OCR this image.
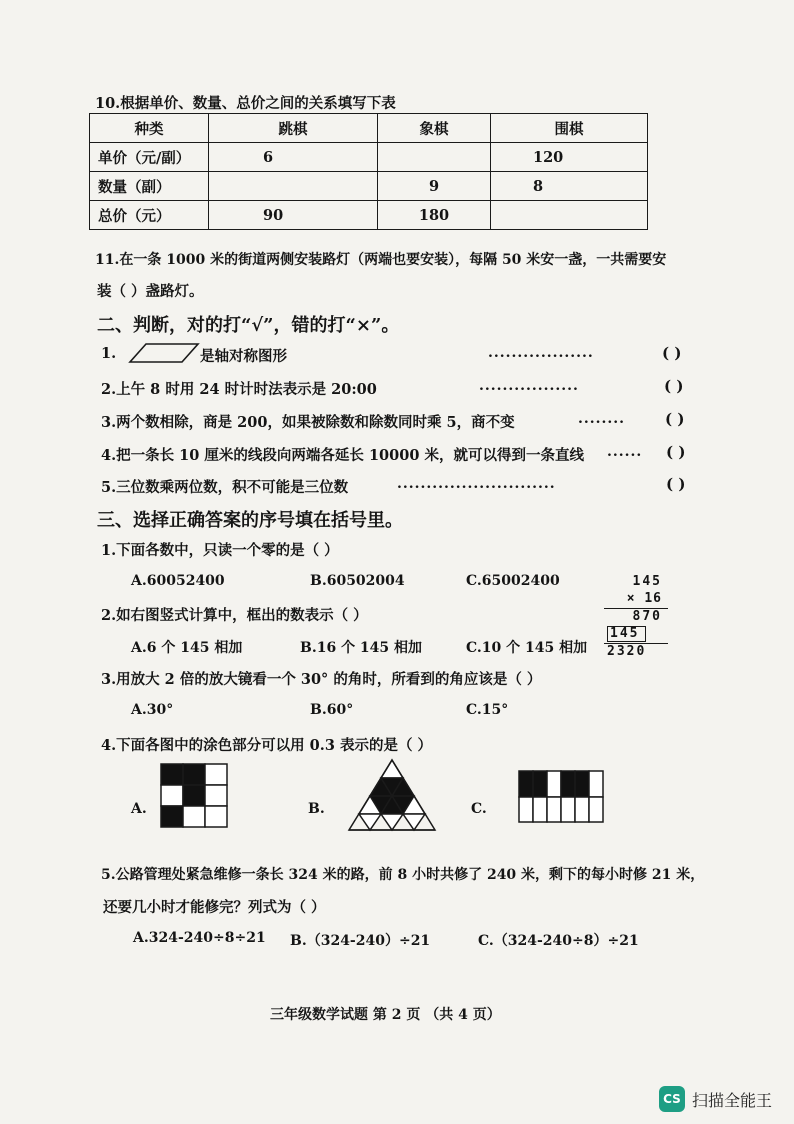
10.根据单价、数量、总价之间的关系填写下表
种类	跳棋	象棋	围棋
单价（元/副）	6		120
数量（副）		9	8
总价（元）	90	180	
11.在一条 1000 米的街道两侧安装路灯（两端也要安装），每隔 50 米安一盏，一共需要安
装（ ）盏路灯。
二、判断，对的打“√”，错的打“×”。
1.	是轴对称图形	..................	( )
2.上午 8 时用 24 时计时法表示是 20:00	.................	( )
3.两个数相除，商是 200，如果被除数和除数同时乘 5，商不变	........	( )
4.把一条长 10 厘米的线段向两端各延长 10000 米，就可以得到一条直线 ...... ( )
5.三位数乘两位数，积不可能是三位数	...........................	( )
三、选择正确答案的序号填在括号里。
1.下面各数中，只读一个零的是（ ）
A.60052400	B.60502004	C.65002400	145
× 16
870
145
2320
2.如右图竖式计算中，框出的数表示（ ）
A.6 个 145 相加	B.16 个 145 相加	C.10 个 145 相加
3.用放大 2 倍的放大镜看一个 30° 的角时，所看到的角应该是（ ）
A.30°	B.60°	C.15°
4.下面各图中的涂色部分可以用 0.3 表示的是（ ）
A.	B.	C.
5.公路管理处紧急维修一条长 324 米的路，前 8 小时共修了 240 米，剩下的每小时修 21 米，
还要几小时才能修完？列式为（ ）
A.324-240÷8÷21 B.（324-240）÷21	C.（324-240÷8）÷21
三年级数学试题 第 2 页 （共 4 页）
CS 扫描全能王
